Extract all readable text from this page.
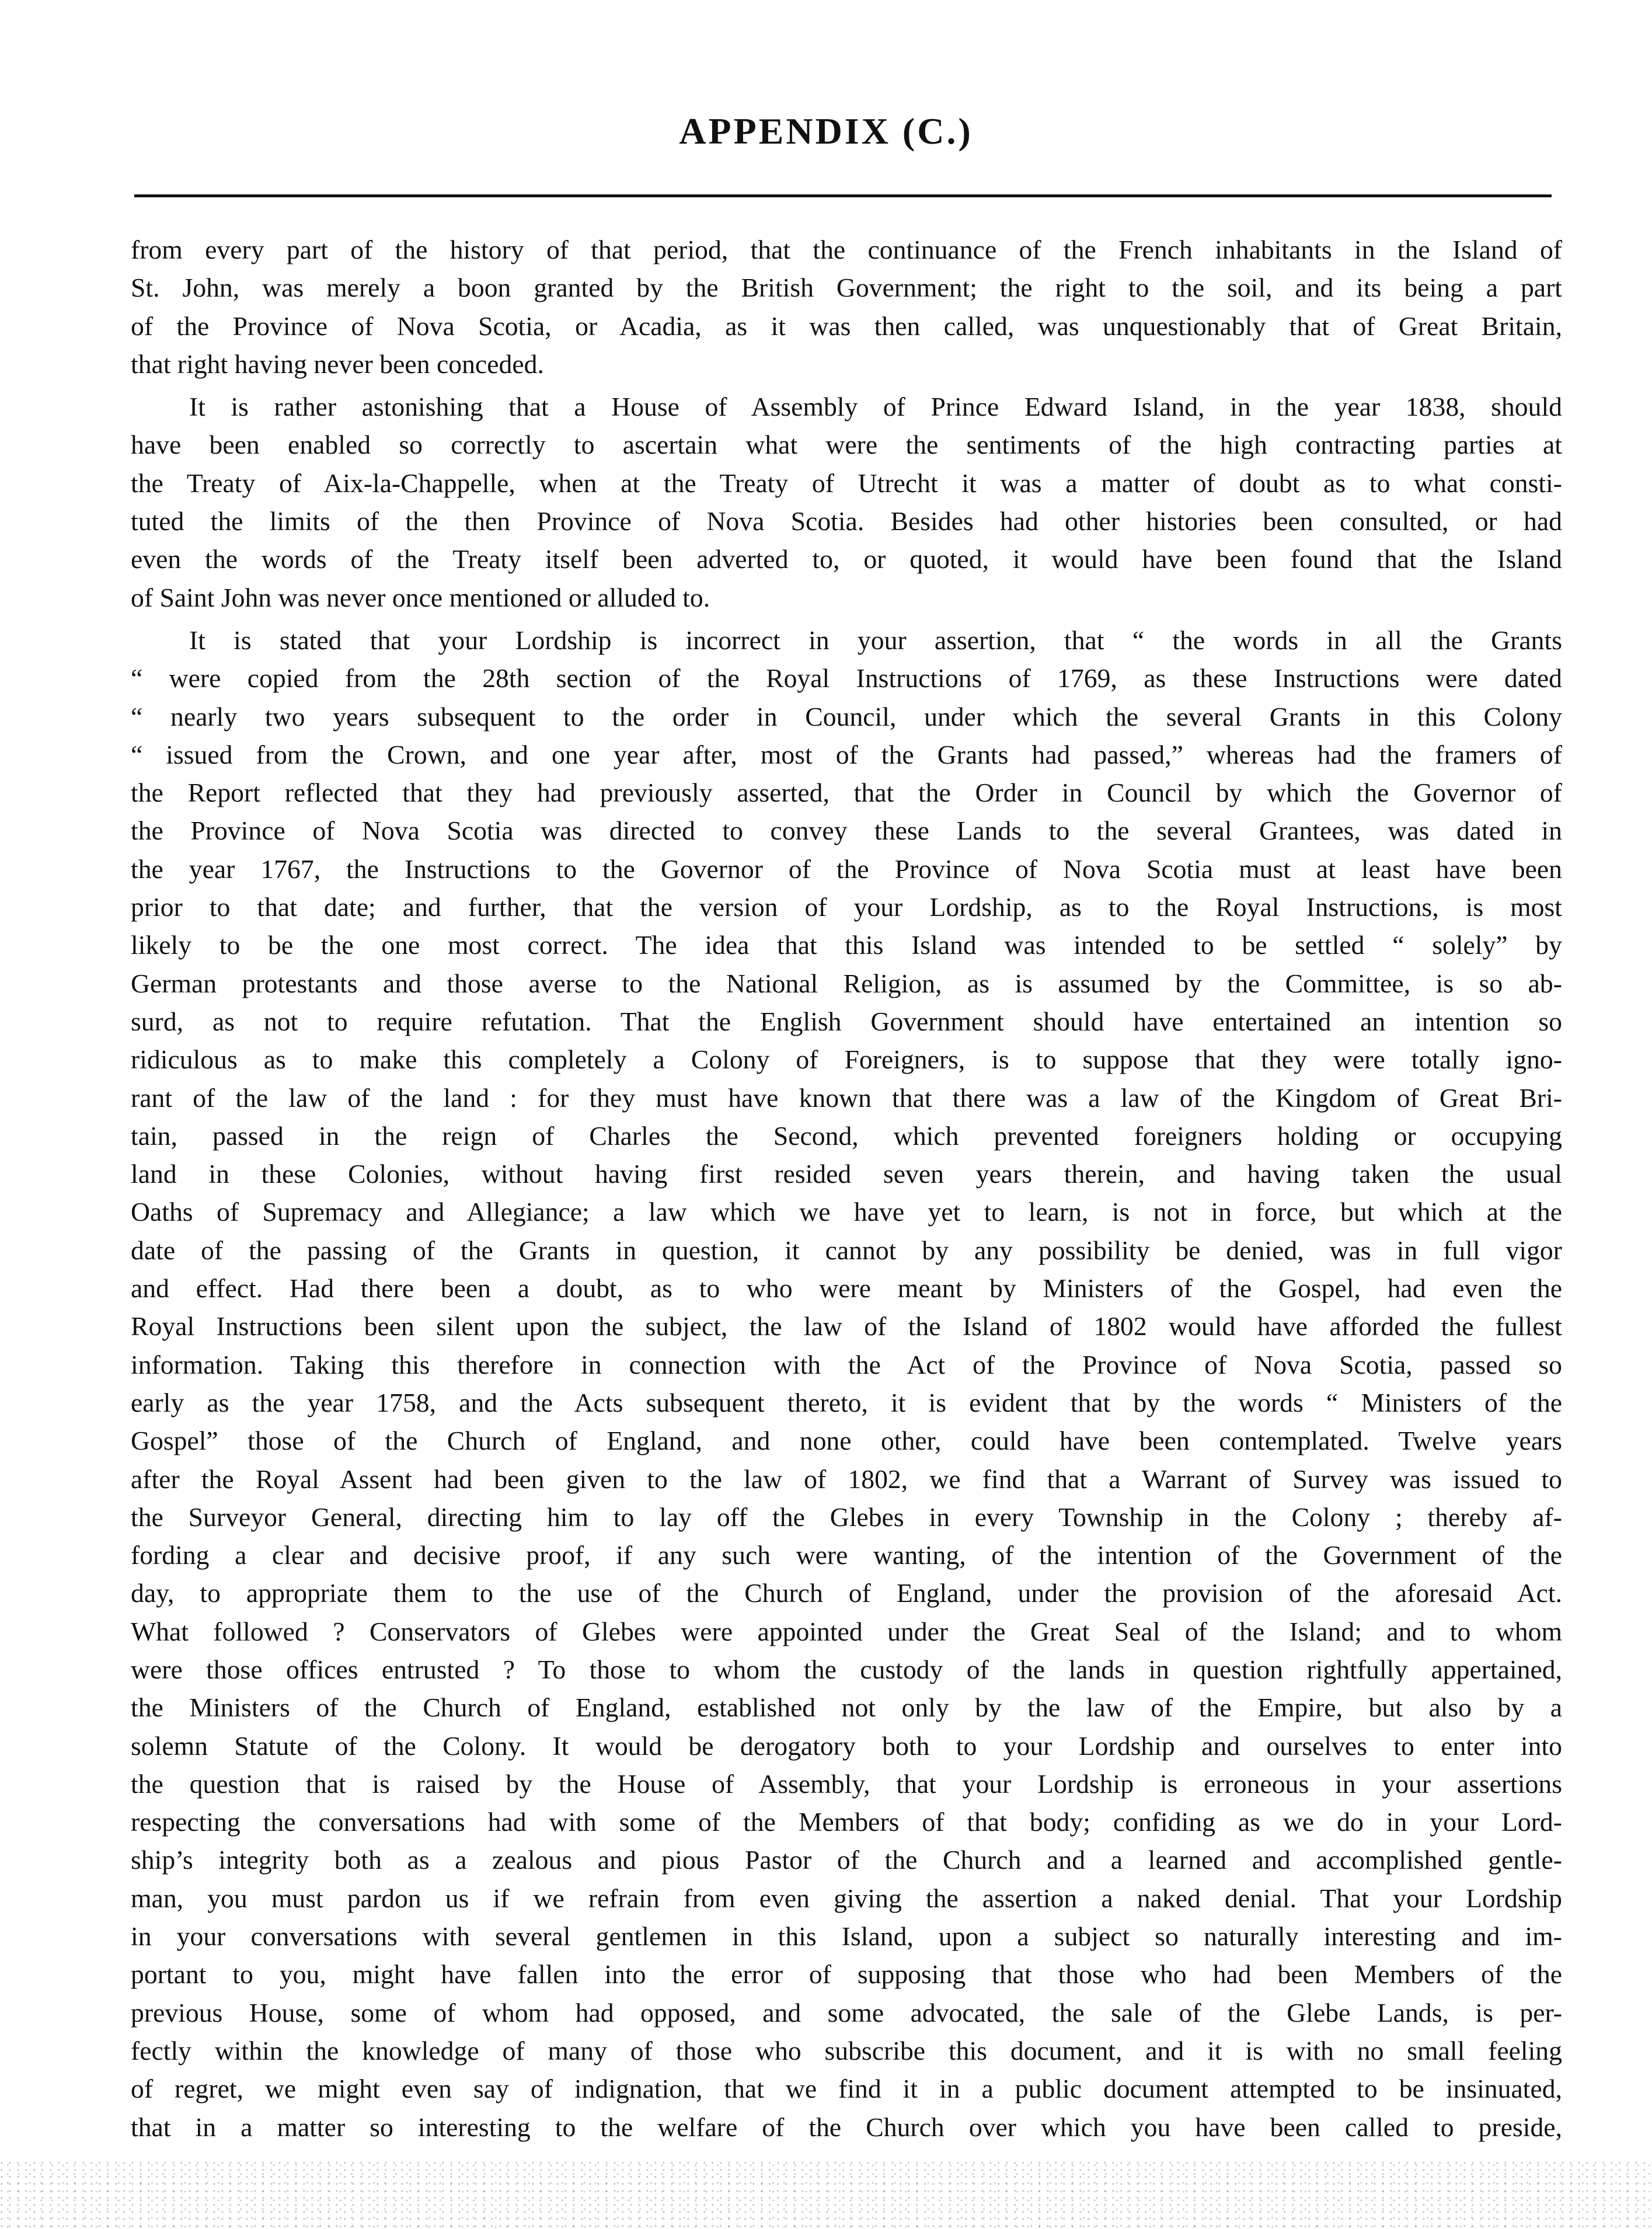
APPENDIX (C.)
from every part of the history of that period, that the continuance of the French inhabitants in the Island of
St. John, was merely a boon granted by the British Government; the right to the soil, and its being a part
of the Province of Nova Scotia, or Acadia, as it was then called, was unquestionably that of Great Britain,
that right having never been conceded.
It is rather astonishing that a House of Assembly of Prince Edward Island, in the year 1838, should
have been enabled so correctly to ascertain what were the sentiments of the high contracting parties at
the Treaty of Aix-la-Chappelle, when at the Treaty of Utrecht it was a matter of doubt as to what consti-
tuted the limits of the then Province of Nova Scotia. Besides had other histories been consulted, or had
even the words of the Treaty itself been adverted to, or quoted, it would have been found that the Island
of Saint John was never once mentioned or alluded to.
It is stated that your Lordship is incorrect in your assertion, that “ the words in all the Grants
“ were copied from the 28th section of the Royal Instructions of 1769, as these Instructions were dated
“ nearly two years subsequent to the order in Council, under which the several Grants in this Colony
“ issued from the Crown, and one year after, most of the Grants had passed,” whereas had the framers of
the Report reflected that they had previously asserted, that the Order in Council by which the Governor of
the Province of Nova Scotia was directed to convey these Lands to the several Grantees, was dated in
the year 1767, the Instructions to the Governor of the Province of Nova Scotia must at least have been
prior to that date; and further, that the version of your Lordship, as to the Royal Instructions, is most
likely to be the one most correct. The idea that this Island was intended to be settled “ solely” by
German protestants and those averse to the National Religion, as is assumed by the Committee, is so ab-
surd, as not to require refutation. That the English Government should have entertained an intention so
ridiculous as to make this completely a Colony of Foreigners, is to suppose that they were totally igno-
rant of the law of the land : for they must have known that there was a law of the Kingdom of Great Bri-
tain, passed in the reign of Charles the Second, which prevented foreigners holding or occupying
land in these Colonies, without having first resided seven years therein, and having taken the usual
Oaths of Supremacy and Allegiance; a law which we have yet to learn, is not in force, but which at the
date of the passing of the Grants in question, it cannot by any possibility be denied, was in full vigor
and effect. Had there been a doubt, as to who were meant by Ministers of the Gospel, had even the
Royal Instructions been silent upon the subject, the law of the Island of 1802 would have afforded the fullest
information. Taking this therefore in connection with the Act of the Province of Nova Scotia, passed so
early as the year 1758, and the Acts subsequent thereto, it is evident that by the words “ Ministers of the
Gospel” those of the Church of England, and none other, could have been contemplated. Twelve years
after the Royal Assent had been given to the law of 1802, we find that a Warrant of Survey was issued to
the Surveyor General, directing him to lay off the Glebes in every Township in the Colony ; thereby af-
fording a clear and decisive proof, if any such were wanting, of the intention of the Government of the
day, to appropriate them to the use of the Church of England, under the provision of the aforesaid Act.
What followed ? Conservators of Glebes were appointed under the Great Seal of the Island; and to whom
were those offices entrusted ? To those to whom the custody of the lands in question rightfully appertained,
the Ministers of the Church of England, established not only by the law of the Empire, but also by a
solemn Statute of the Colony. It would be derogatory both to your Lordship and ourselves to enter into
the question that is raised by the House of Assembly, that your Lordship is erroneous in your assertions
respecting the conversations had with some of the Members of that body; confiding as we do in your Lord-
ship’s integrity both as a zealous and pious Pastor of the Church and a learned and accomplished gentle-
man, you must pardon us if we refrain from even giving the assertion a naked denial. That your Lordship
in your conversations with several gentlemen in this Island, upon a subject so naturally interesting and im-
portant to you, might have fallen into the error of supposing that those who had been Members of the
previous House, some of whom had opposed, and some advocated, the sale of the Glebe Lands, is per-
fectly within the knowledge of many of those who subscribe this document, and it is with no small feeling
of regret, we might even say of indignation, that we find it in a public document attempted to be insinuated,
that in a matter so interesting to the welfare of the Church over which you have been called to preside,
